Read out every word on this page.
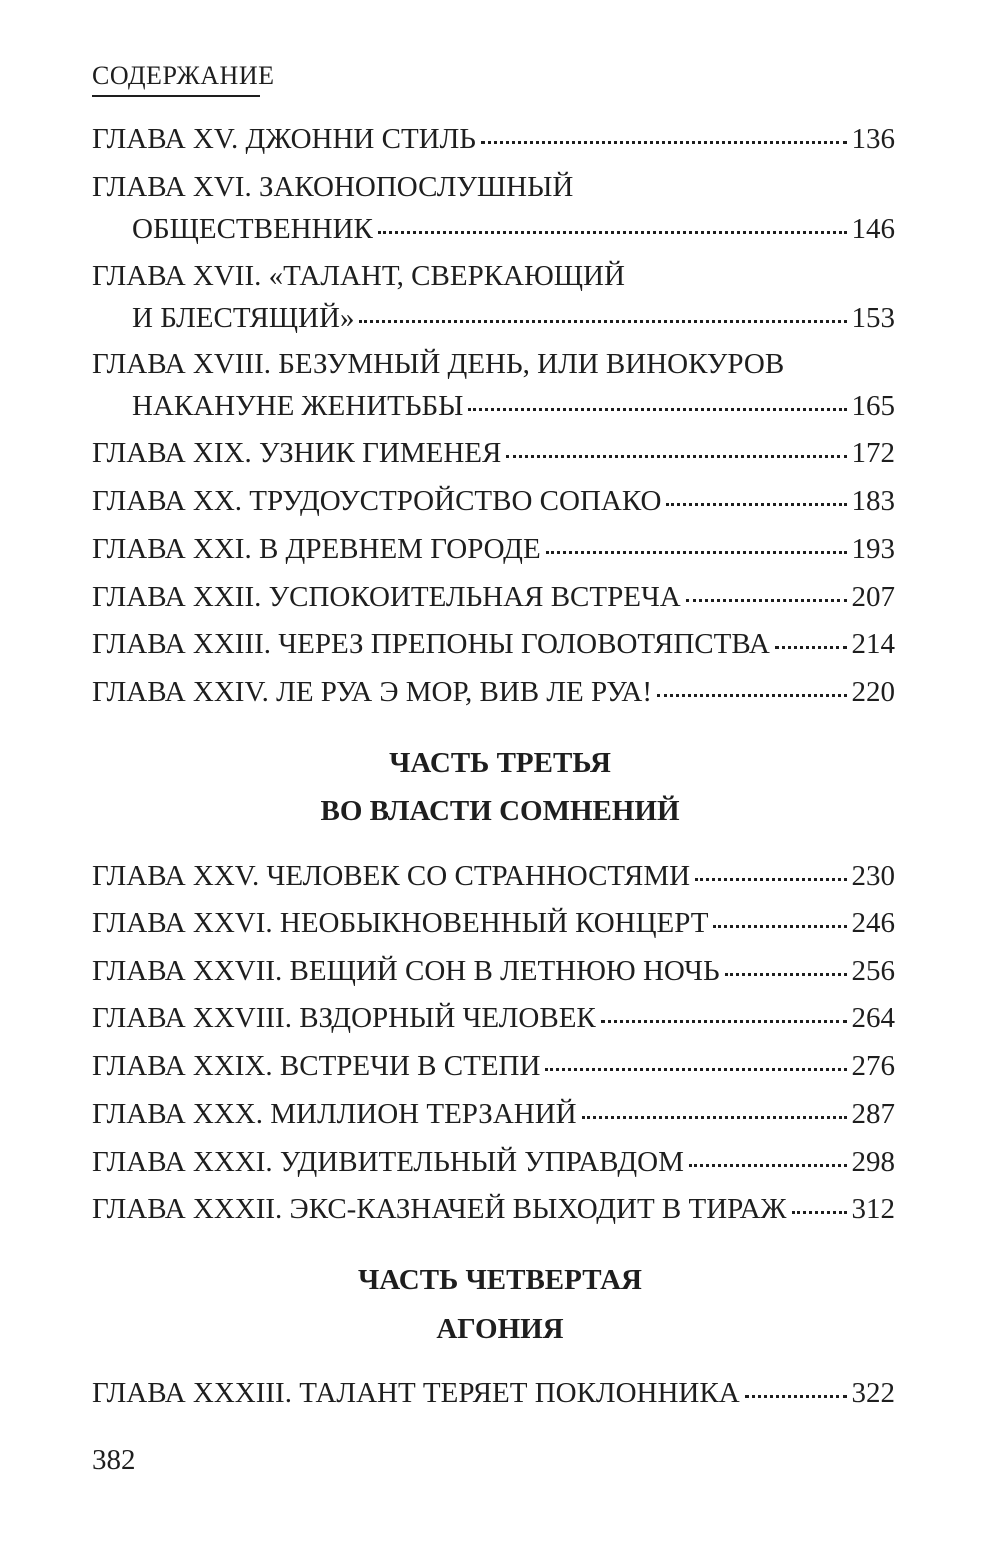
СОДЕРЖАНИЕ
ГЛАВА XV. ДЖОННИ СТИЛЬ	136
ГЛАВА XVI. ЗАКОНОПОСЛУШНЫЙ
ОБЩЕСТВЕННИК	146
ГЛАВА XVII. «ТАЛАНТ, СВЕРКАЮЩИЙ
И БЛЕСТЯЩИЙ»	153
ГЛАВА XVIII. БЕЗУМНЫЙ ДЕНЬ, ИЛИ ВИНОКУРОВ
НАКАНУНЕ ЖЕНИТЬБЫ	165
ГЛАВА XIX. УЗНИК ГИМЕНЕЯ	172
ГЛАВА XX. ТРУДОУСТРОЙСТВО СОПАКО	183
ГЛАВА XXI. В ДРЕВНЕМ ГОРОДЕ	193
ГЛАВА XXII. УСПОКОИТЕЛЬНАЯ ВСТРЕЧА	207
ГЛАВА XXIII. ЧЕРЕЗ ПРЕПОНЫ ГОЛОВОТЯПСТВА	214
ГЛАВА XXIV. ЛЕ РУА Э МОР, ВИВ ЛЕ РУА!	220
ЧАСТЬ ТРЕТЬЯ
ВО ВЛАСТИ СОМНЕНИЙ
ГЛАВА XXV. ЧЕЛОВЕК СО СТРАННОСТЯМИ	230
ГЛАВА XXVI. НЕОБЫКНОВЕННЫЙ КОНЦЕРТ	246
ГЛАВА XXVII. ВЕЩИЙ СОН В ЛЕТНЮЮ НОЧЬ	256
ГЛАВА XXVIII. ВЗДОРНЫЙ ЧЕЛОВЕК	264
ГЛАВА XXIX. ВСТРЕЧИ В СТЕПИ	276
ГЛАВА XXX. МИЛЛИОН ТЕРЗАНИЙ	287
ГЛАВА XXXI. УДИВИТЕЛЬНЫЙ УПРАВДОМ	298
ГЛАВА XXXII. ЭКС-КАЗНАЧЕЙ ВЫХОДИТ В ТИРАЖ 312
ЧАСТЬ ЧЕТВЕРТАЯ
АГОНИЯ
ГЛАВА XXXIII. ТАЛАНТ ТЕРЯЕТ ПОКЛОННИКА	322
382
